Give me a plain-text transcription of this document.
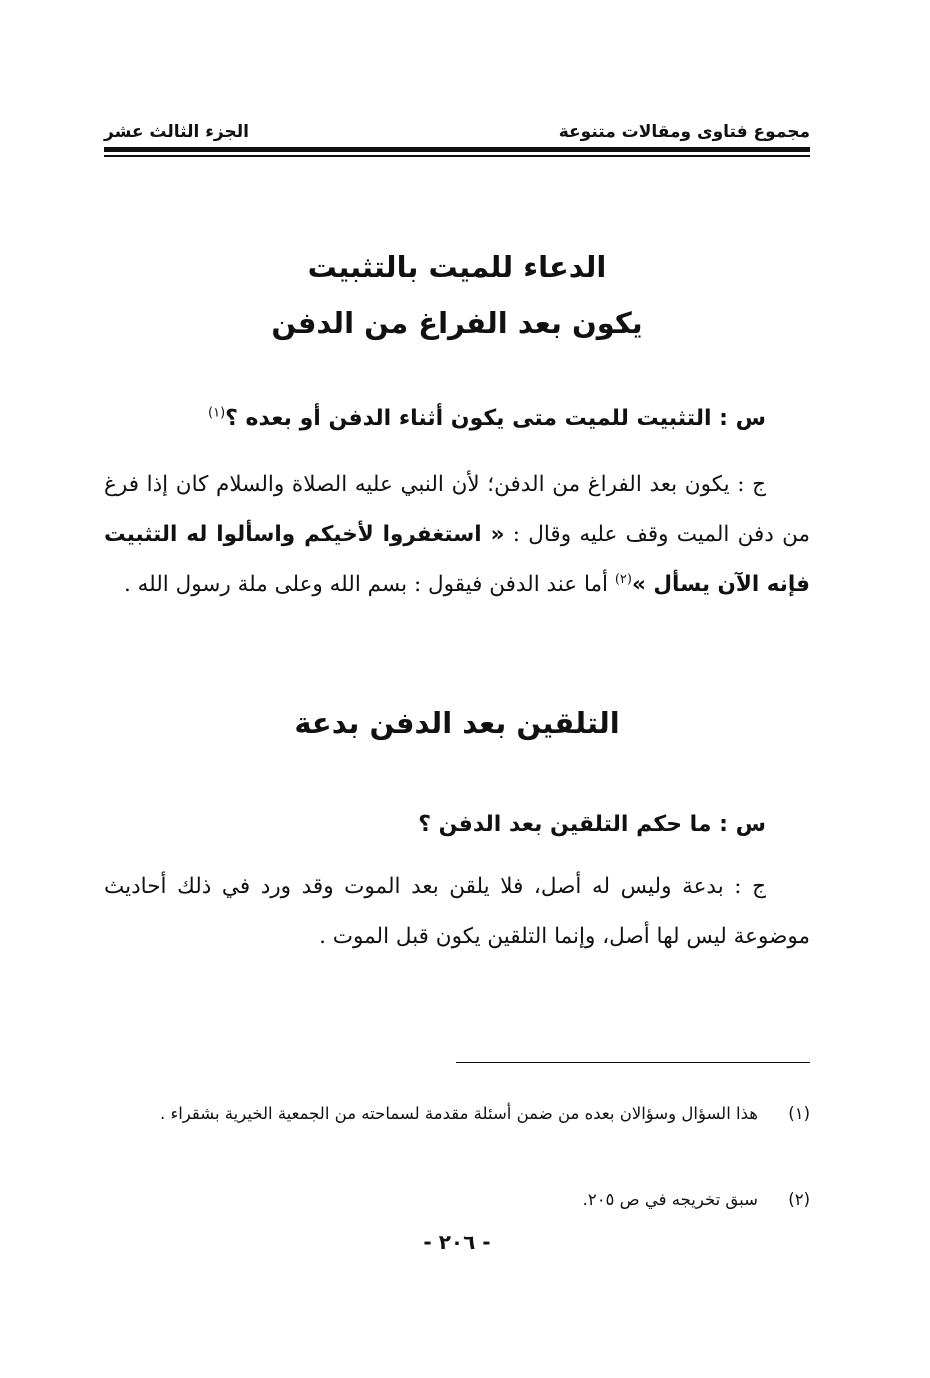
مجموع فتاوى ومقالات متنوعة
الجزء الثالث عشر
الدعاء للميت بالتثبيت
يكون بعد الفراغ من الدفن
س : التثبيت للميت متى يكون أثناء الدفن أو بعده ؟$^{(١)}$
ج : يكون بعد الفراغ من الدفن؛ لأن النبي عليه الصلاة والسلام كان إذا فرغ من دفن الميت وقف عليه وقال : « استغفروا لأخيكم واسألوا له التثبيت فإنه الآن يسأل »$^{(٢)}$ أما عند الدفن فيقول : بسم الله وعلى ملة رسول الله .
التلقين بعد الدفن بدعة
س : ما حكم التلقين بعد الدفن ؟
ج : بدعة وليس له أصل، فلا يلقن بعد الموت وقد ورد في ذلك أحاديث موضوعة ليس لها أصل، وإنما التلقين يكون قبل الموت .
(١)
هذا السؤال وسؤالان بعده من ضمن أسئلة مقدمة لسماحته من الجمعية الخيرية بشقراء .
(٢)
سبق تخريجه في ص ٢٠٥.
- ٢٠٦ -
